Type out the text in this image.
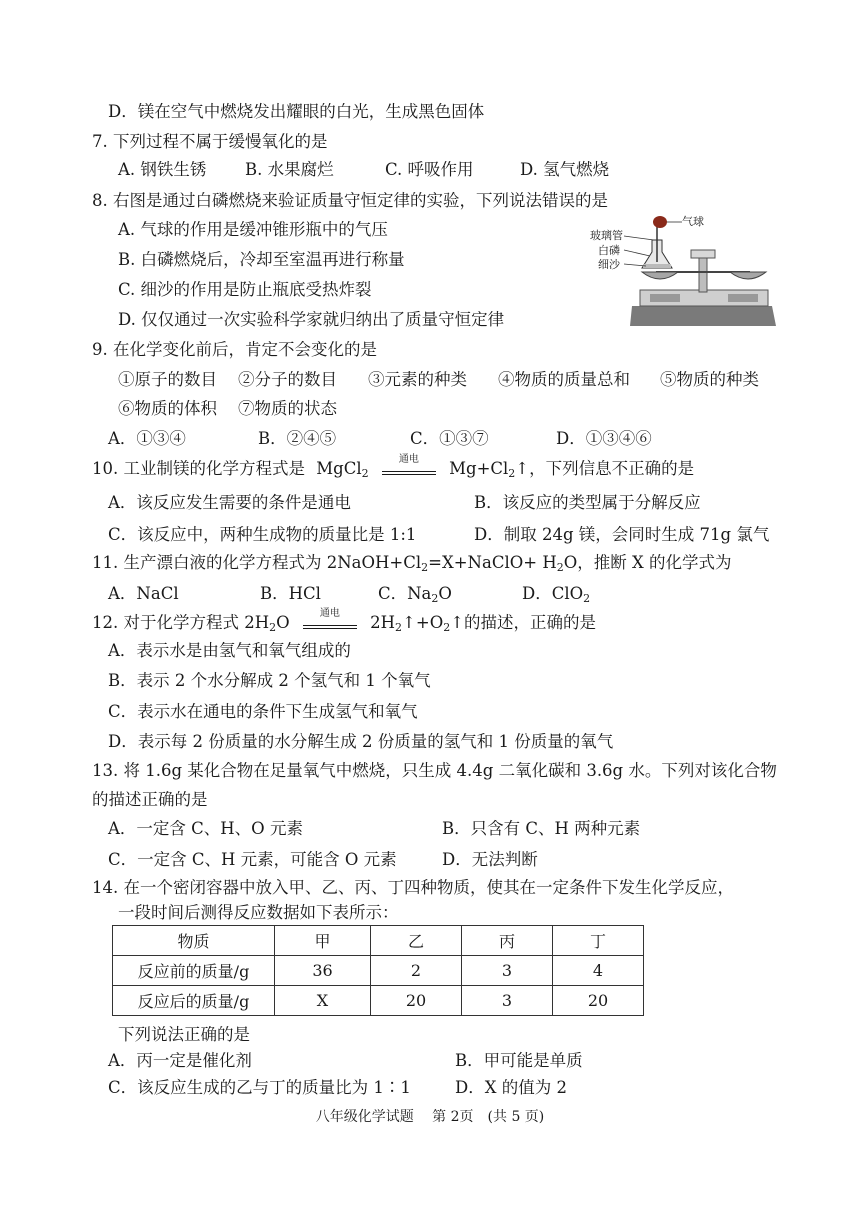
D．镁在空气中燃烧发出耀眼的白光，生成黑色固体
7. 下列过程不属于缓慢氧化的是
A. 钢铁生锈 B. 水果腐烂	C. 呼吸作用	D. 氢气燃烧
8. 右图是通过白磷燃烧来验证质量守恒定律的实验，下列说法错误的是
A. 气球的作用是缓冲锥形瓶中的气压
B. 白磷燃烧后，冷却至室温再进行称量
C. 细沙的作用是防止瓶底受热炸裂
D. 仅仅通过一次实验科学家就归纳出了质量守恒定律
气球
玻璃管
白磷
细沙
9. 在化学变化前后，肯定不会变化的是
①原子的数目 ②分子的数目 ③元素的种类 ④物质的质量总和 ⑤物质的种类
⑥物质的体积 ⑦物质的状态
A．①③④	B．②④⑤	C．①③⑦	D．①③④⑥
10. 工业制镁的化学方程式是 MgCl$_2$
通电	$Mg+Cl_2↑$，下列信息不正确的是
A．该反应发生需要的条件是通电	B．该反应的类型属于分解反应
C．该反应中，两种生成物的质量比是 1:1	D．制取 24g 镁，会同时生成 71g 氯气
11. 生产漂白液的化学方程式为 $2NaOH+Cl_2=X+NaClO+ H_2O$，推断 X 的化学式为
A．NaCl	B．HCl	C．$Na_2O$	D．ClO$_2$
12. 对于化学方程式 $2H_2O$	通电	$2H_2↑+O_2↑$的描述，正确的是
A．表示水是由氢气和氧气组成的
B．表示 2 个水分解成 2 个氢气和 1 个氧气
C．表示水在通电的条件下生成氢气和氧气
D．表示每 2 份质量的水分解生成 2 份质量的氢气和 1 份质量的氧气
13. 将 1.6g 某化合物在足量氧气中燃烧，只生成 4.4g 二氧化碳和 3.6g 水。下列对该化合物
的描述正确的是
A．一定含 C、H、O 元素	B．只含有 C、H 两种元素
C．一定含 C、H 元素，可能含 O 元素	D．无法判断
14. 在一个密闭容器中放入甲、乙、丙、丁四种物质，使其在一定条件下发生化学反应，
一段时间后测得反应数据如下表所示：
物质	甲	乙	丙	丁
反应前的质量/g	36	2	3	4
反应后的质量/g	X	20	3	20
下列说法正确的是
A．丙一定是催化剂	B．甲可能是单质
C．该反应生成的乙与丁的质量比为 1∶1	D．X 的值为 2
八年级化学试题　 第 2页　(共 5 页)
